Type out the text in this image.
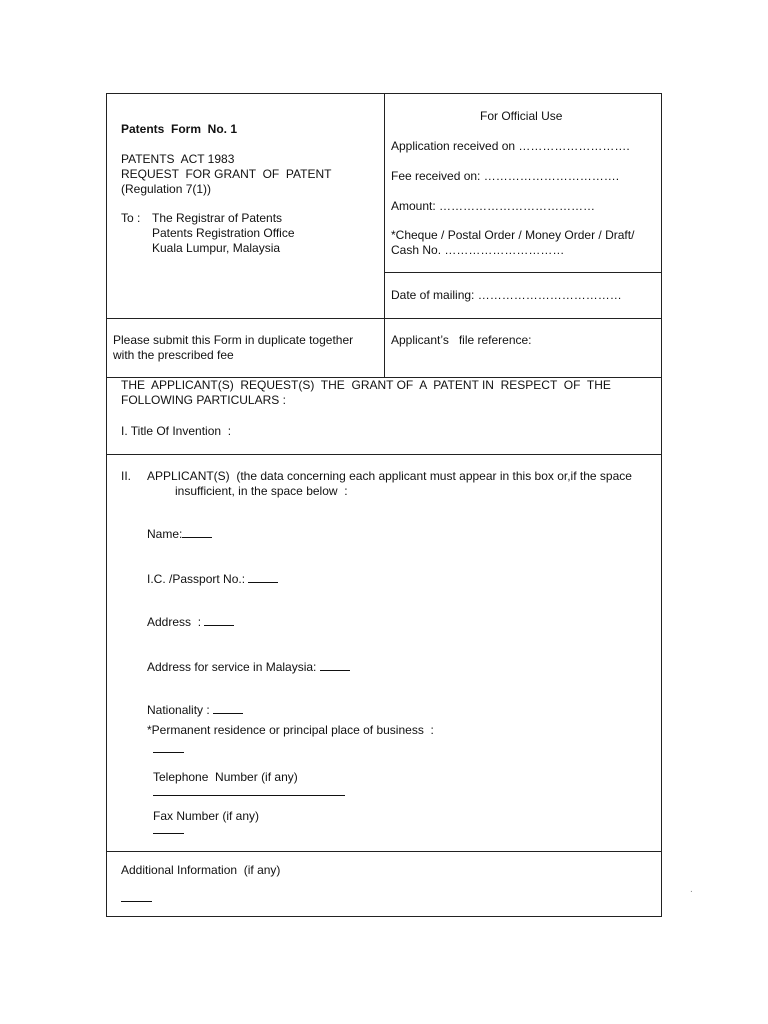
Patents  Form  No. 1
PATENTS  ACT 1983
REQUEST  FOR GRANT  OF  PATENT
(Regulation 7(1))
To : The Registrar of Patents
Patents Registration Office
Kuala Lumpur, Malaysia
For Official Use
Application received on ……………………….
Fee received on: …………………………….
Amount: …………………………………
*Cheque / Postal Order / Money Order / Draft/
Cash No. …………………………
Date of mailing: ………………………………
Please submit this Form in duplicate together
with the prescribed fee
Applicant’s   file reference:
THE  APPLICANT(S)  REQUEST(S)  THE  GRANT OF  A  PATENT IN  RESPECT  OF  THE
FOLLOWING PARTICULARS :
I. Title Of Invention  :
II. APPLICANT(S)  (the data concerning each applicant must appear in this box or,if the space
insufficient, in the space below  :
Name:
I.C. /Passport No.:
Address  :
Address for service in Malaysia:
Nationality :
*Permanent residence or principal place of business  :
Telephone  Number (if any)
Fax Number (if any)
Additional Information  (if any)
.
